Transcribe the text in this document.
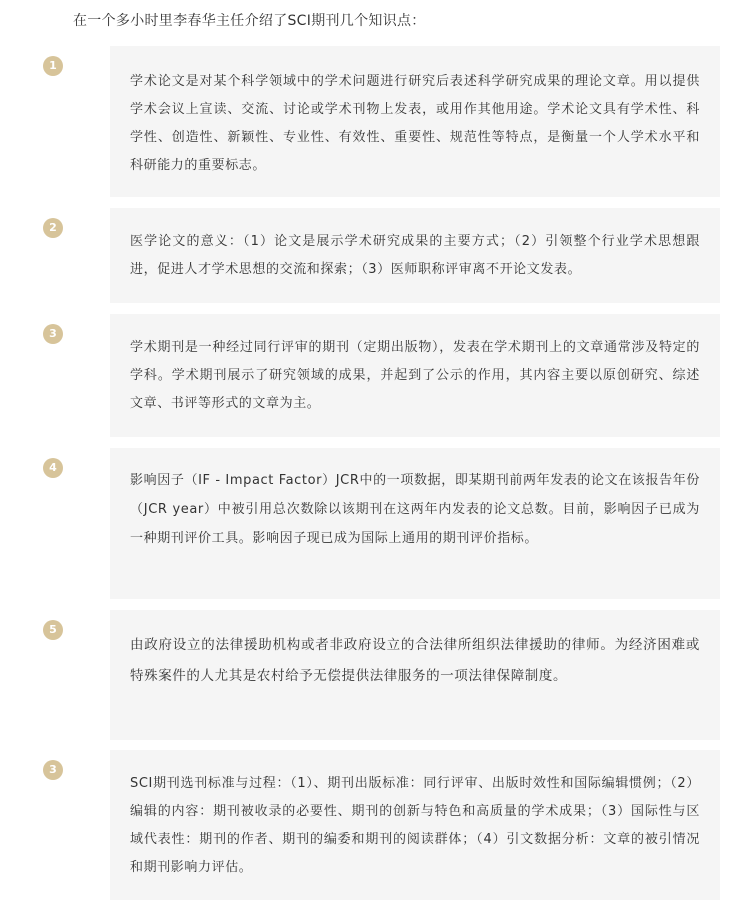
在一个多小时里李春华主任介绍了SCI期刊几个知识点：
1
学术论文是对某个科学领域中的学术问题进行研究后表述科学研究成果的理论文章。用以提供学术会议上宣读、交流、讨论或学术刊物上发表，或用作其他用途。学术论文具有学术性、科学性、创造性、新颖性、专业性、有效性、重要性、规范性等特点，是衡量一个人学术水平和科研能力的重要标志。
2
医学论文的意义：（1）论文是展示学术研究成果的主要方式；（2）引领整个行业学术思想跟进，促进人才学术思想的交流和探索；（3）医师职称评审离不开论文发表。
3
学术期刊是一种经过同行评审的期刊（定期出版物），发表在学术期刊上的文章通常涉及特定的学科。学术期刊展示了研究领域的成果，并起到了公示的作用，其内容主要以原创研究、综述文章、书评等形式的文章为主。
4
影响因子（IF - Impact Factor）JCR中的一项数据，即某期刊前两年发表的论文在该报告年份（JCR year）中被引用总次数除以该期刊在这两年内发表的论文总数。目前，影响因子已成为一种期刊评价工具。影响因子现已成为国际上通用的期刊评价指标。
5
由政府设立的法律援助机构或者非政府设立的合法律所组织法律援助的律师。为经济困难或特殊案件的人尤其是农村给予无偿提供法律服务的一项法律保障制度。
3
SCI期刊选刊标准与过程：（1）、期刊出版标准：同行评审、出版时效性和国际编辑惯例；（2）编辑的内容：期刊被收录的必要性、期刊的创新与特色和高质量的学术成果；（3）国际性与区域代表性：期刊的作者、期刊的编委和期刊的阅读群体；（4）引文数据分析：文章的被引情况和期刊影响力评估。
